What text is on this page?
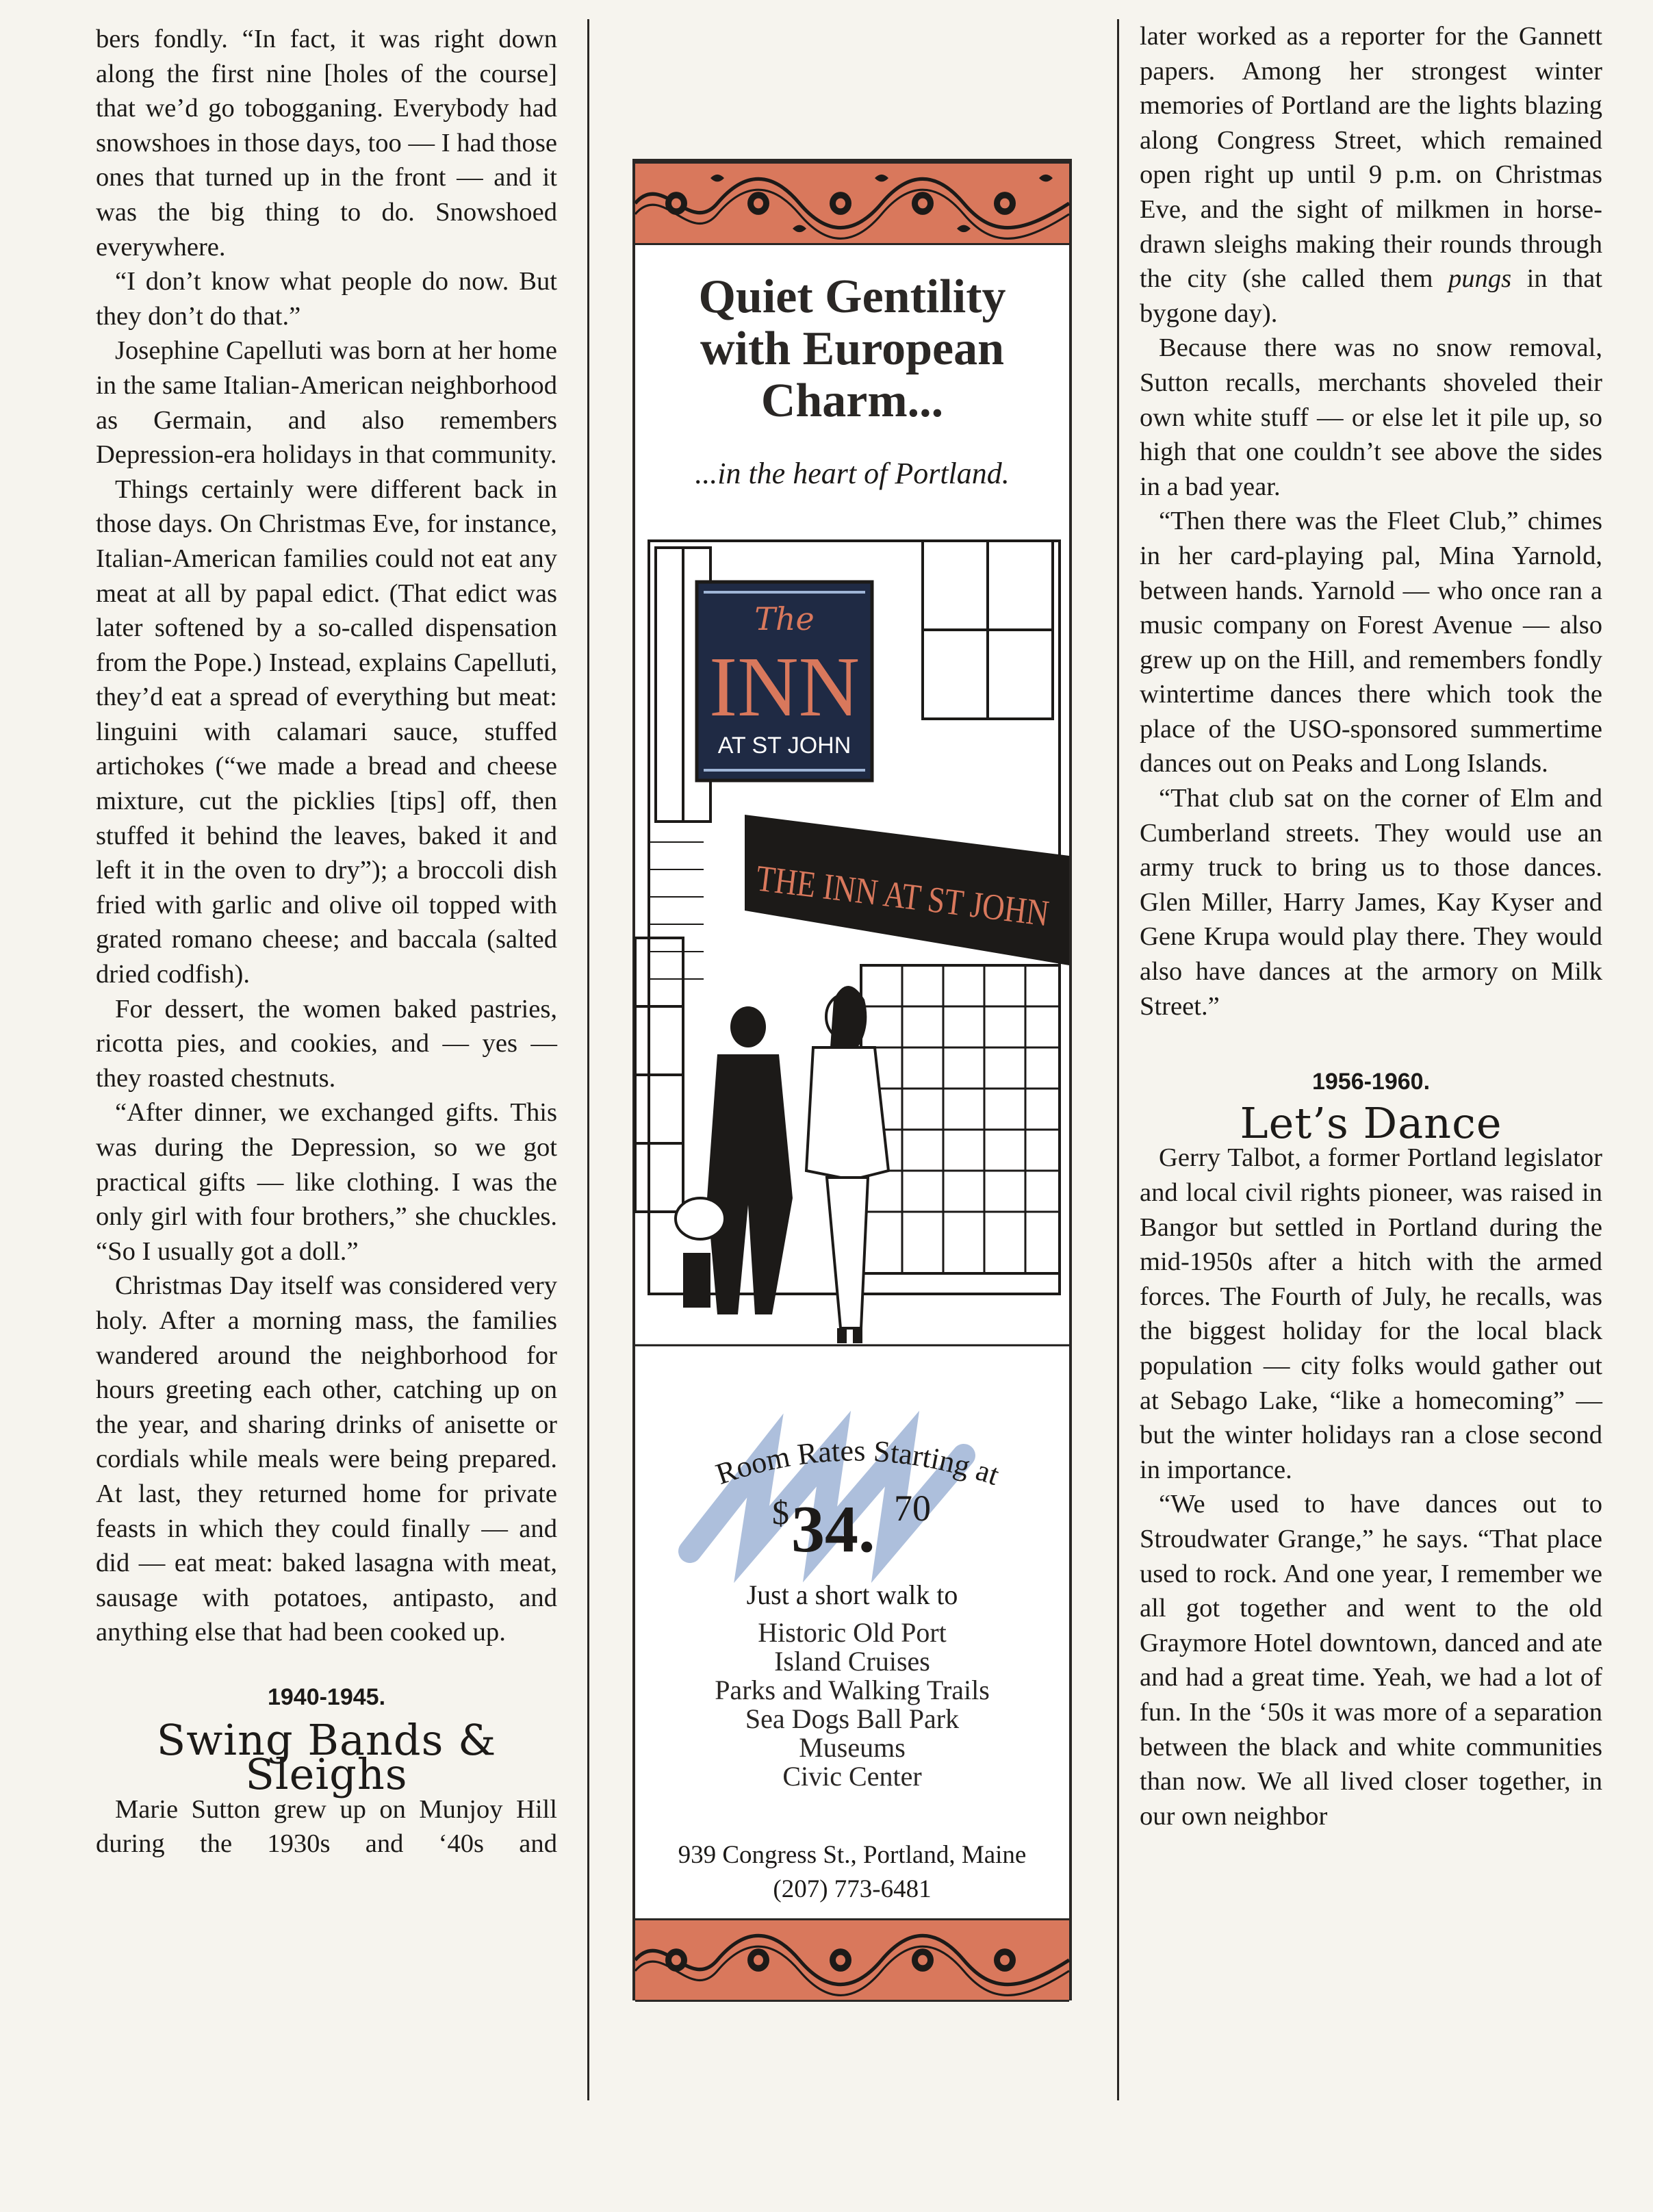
bers fondly. “In fact, it was right down along the first nine [holes of the course] that we’d go tobogganing. Everybody had snowshoes in those days, too — I had those ones that turned up in the front — and it was the big thing to do. Snowshoed everywhere.

“I don’t know what people do now. But they don’t do that.”

Josephine Capelluti was born at her home in the same Italian-American neighborhood as Germain, and also remembers Depression-era holidays in that community.

Things certainly were different back in those days. On Christmas Eve, for instance, Italian-American families could not eat any meat at all by papal edict. (That edict was later softened by a so-called dispensation from the Pope.) Instead, explains Capelluti, they’d eat a spread of everything but meat: linguini with calamari sauce, stuffed artichokes (“we made a bread and cheese mixture, cut the picklies [tips] off, then stuffed it behind the leaves, baked it and left it in the oven to dry”); a broccoli dish fried with garlic and olive oil topped with grated romano cheese; and baccala (salted dried codfish).

For dessert, the women baked pastries, ricotta pies, and cookies, and — yes — they roasted chestnuts.

“After dinner, we exchanged gifts. This was during the Depression, so we got practical gifts — like clothing. I was the only girl with four brothers,” she chuckles. “So I usually got a doll.”

Christmas Day itself was considered very holy. After a morning mass, the families wandered around the neighborhood for hours greeting each other, catching up on the year, and sharing drinks of anisette or cordials while meals were being prepared. At last, they returned home for private feasts in which they could finally — and did — eat meat: baked lasagna with meat, sausage with potatoes, antipasto, and anything else that had been cooked up.

1940-1945.

Swing Bands & Sleighs

Marie Sutton grew up on Munjoy Hill during the 1930s and ‘40s and

later worked as a reporter for the Gannett papers. Among her strongest winter memories of Portland are the lights blazing along Congress Street, which remained open right up until 9 p.m. on Christmas Eve, and the sight of milkmen in horse-drawn sleighs making their rounds through the city (she called them pungs in that bygone day).

Because there was no snow removal, Sutton recalls, merchants shoveled their own white stuff — or else let it pile up, so high that one couldn’t see above the sides in a bad year.

“Then there was the Fleet Club,” chimes in her card-playing pal, Mina Yarnold, between hands. Yarnold — who once ran a music company on Forest Avenue — also grew up on the Hill, and remembers fondly wintertime dances there which took the place of the USO-sponsored summertime dances out on Peaks and Long Islands.

“That club sat on the corner of Elm and Cumberland streets. They would use an army truck to bring us to those dances. Glen Miller, Harry James, Kay Kyser and Gene Krupa would play there. They would also have dances at the armory on Milk Street.”

1956-1960.

Let’s Dance

Gerry Talbot, a former Portland legislator and local civil rights pioneer, was raised in Bangor but settled in Portland during the mid-1950s after a hitch with the armed forces. The Fourth of July, he recalls, was the biggest holiday for the local black population — city folks would gather out at Sebago Lake, “like a homecoming” — but the winter holidays ran a close second in importance.

“We used to have dances out to Stroudwater Grange,” he says. “That place used to rock. And one year, I remember we all got together and went to the old Graymore Hotel downtown, danced and ate and had a great time. Yeah, we had a lot of fun. In the ‘50s it was more of a separation between the black and white communities than now. We all lived closer together, in our own neighbor

Quiet Gentility
with European
Charm...

...in the heart of Portland.

The
INN
AT ST JOHN
THE INN AT ST JOHN
Room Rates Starting at
$ 34. 70

Just a short walk to

Historic Old Port
Island Cruises
Parks and Walking Trails
Sea Dogs Ball Park
Museums
Civic Center

939 Congress St., Portland, Maine

(207) 773-6481
